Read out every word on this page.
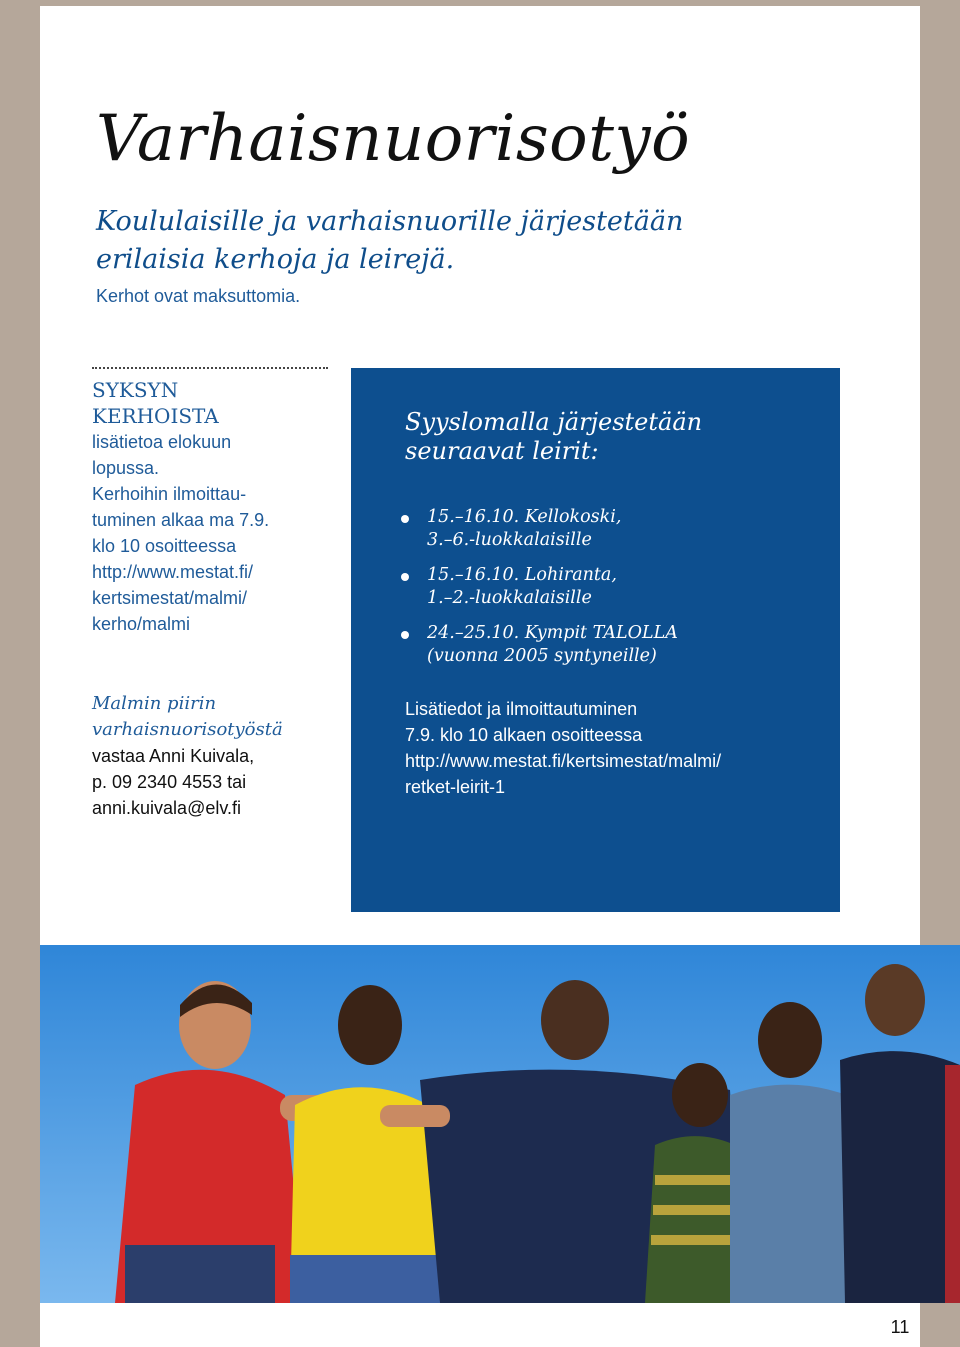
Varhaisnuorisotyö

Koululaisille ja varhaisnuorille järjestetään erilaisia kerhoja ja leirejä.

Kerhot ovat maksuttomia.

SYKSYN
KERHOISTA

lisätietoa elokuun

lopussa.

Kerhoihin ilmoittau-

tuminen alkaa ma 7.9.

klo 10 osoitteessa

http://www.mestat.fi/

kertsimestat/malmi/

kerho/malmi

Malmin piirin
varhaisnuorisotyöstä

vastaa Anni Kuivala,

p. 09 2340 4553 tai

anni.kuivala@elv.fi

Syyslomalla järjestetään seuraavat leirit:
15.–16.10. Kellokoski,
3.–6.-luokkalaisille
15.–16.10. Lohiranta,
1.–2.-luokkalaisille
24.–25.10. Kympit TALOLLA
(vuonna 2005 syntyneille)
Lisätiedot ja ilmoittautuminen
7.9. klo 10 alkaen osoitteessa
http://www.mestat.fi/kertsimestat/malmi/
retket-leirit-1
11
